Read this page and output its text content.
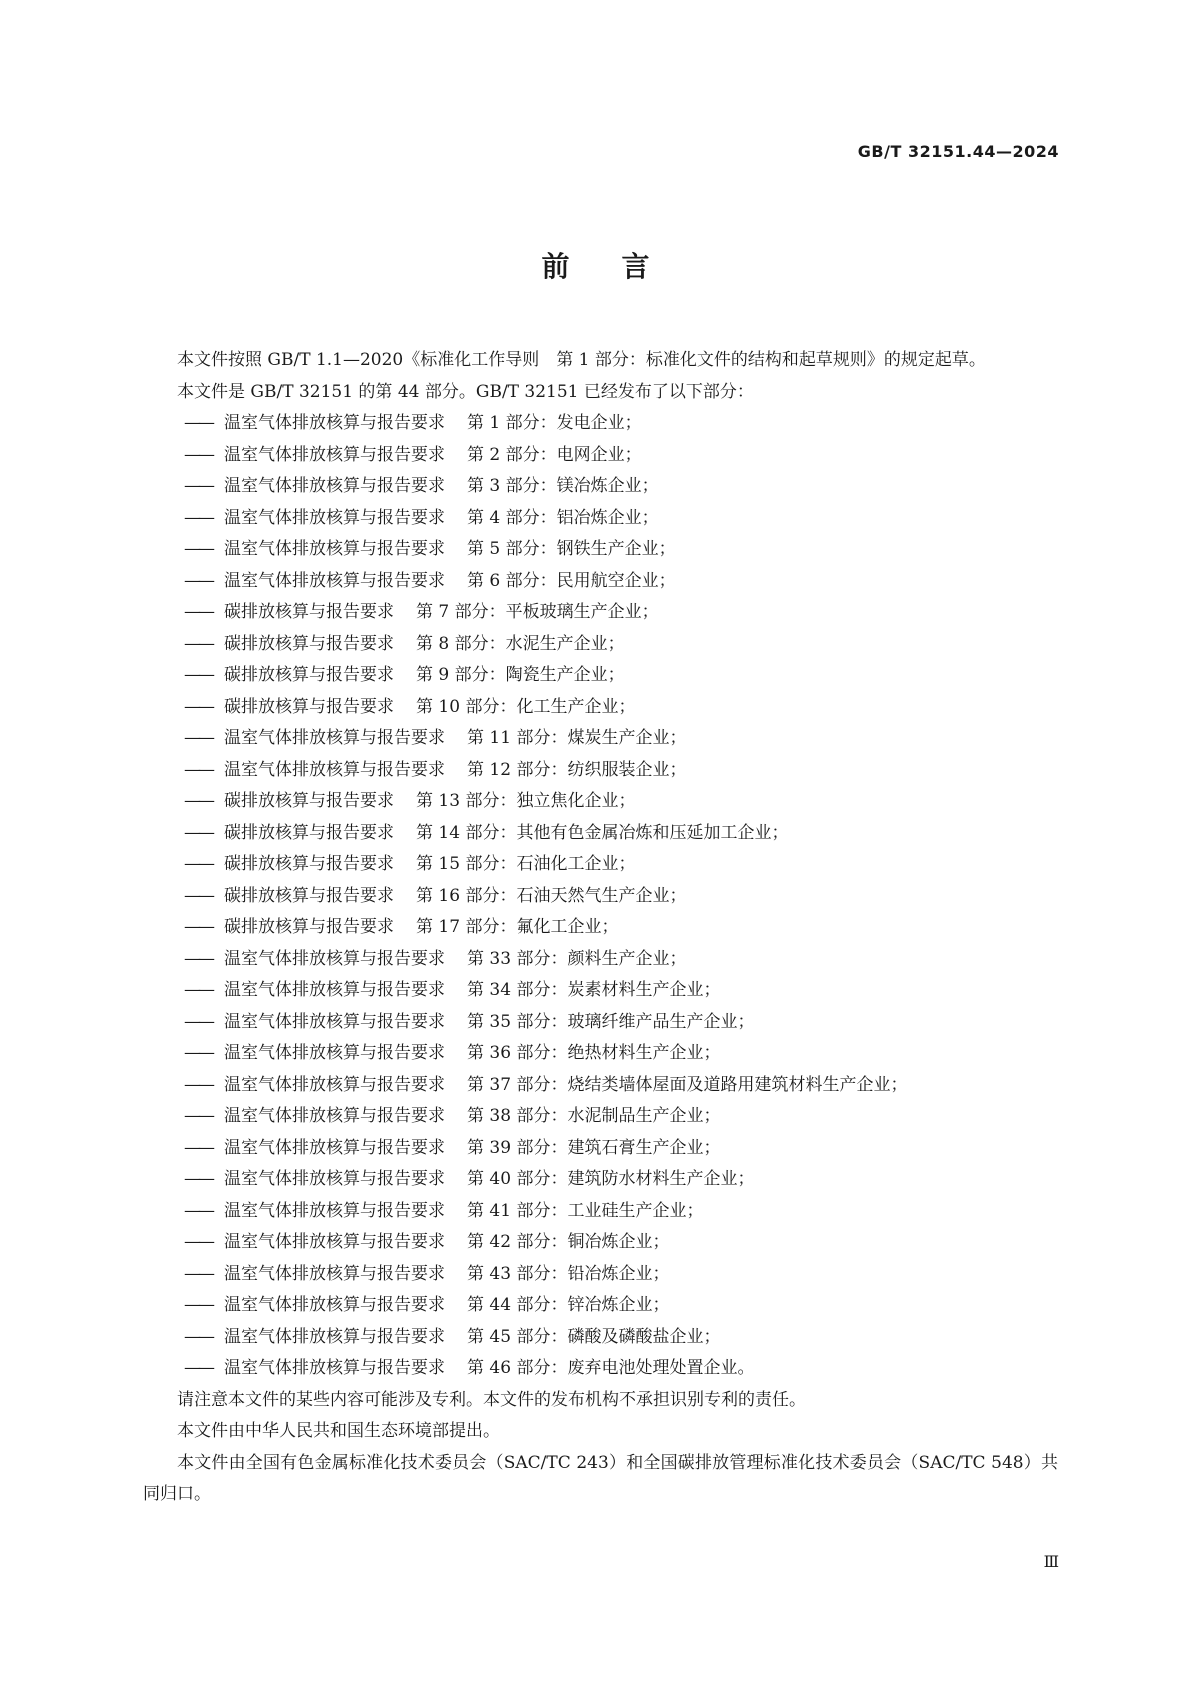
GB/T 32151.44—2024
前言

本文件按照 GB/T 1.1—2020《标准化工作导则　第 1 部分：标准化文件的结构和起草规则》的规定起草。

本文件是 GB/T 32151 的第 44 部分。GB/T 32151 已经发布了以下部分：

—— 温室气体排放核算与报告要求 第 1 部分：发电企业；
—— 温室气体排放核算与报告要求 第 2 部分：电网企业；
—— 温室气体排放核算与报告要求 第 3 部分：镁冶炼企业；
—— 温室气体排放核算与报告要求 第 4 部分：铝冶炼企业；
—— 温室气体排放核算与报告要求 第 5 部分：钢铁生产企业；
—— 温室气体排放核算与报告要求 第 6 部分：民用航空企业；
—— 碳排放核算与报告要求 第 7 部分：平板玻璃生产企业；
—— 碳排放核算与报告要求 第 8 部分：水泥生产企业；
—— 碳排放核算与报告要求 第 9 部分：陶瓷生产企业；
—— 碳排放核算与报告要求 第 10 部分：化工生产企业；
—— 温室气体排放核算与报告要求 第 11 部分：煤炭生产企业；
—— 温室气体排放核算与报告要求 第 12 部分：纺织服装企业；
—— 碳排放核算与报告要求 第 13 部分：独立焦化企业；
—— 碳排放核算与报告要求 第 14 部分：其他有色金属冶炼和压延加工企业；
—— 碳排放核算与报告要求 第 15 部分：石油化工企业；
—— 碳排放核算与报告要求 第 16 部分：石油天然气生产企业；
—— 碳排放核算与报告要求 第 17 部分：氟化工企业；
—— 温室气体排放核算与报告要求 第 33 部分：颜料生产企业；
—— 温室气体排放核算与报告要求 第 34 部分：炭素材料生产企业；
—— 温室气体排放核算与报告要求 第 35 部分：玻璃纤维产品生产企业；
—— 温室气体排放核算与报告要求 第 36 部分：绝热材料生产企业；
—— 温室气体排放核算与报告要求 第 37 部分：烧结类墙体屋面及道路用建筑材料生产企业；
—— 温室气体排放核算与报告要求 第 38 部分：水泥制品生产企业；
—— 温室气体排放核算与报告要求 第 39 部分：建筑石膏生产企业；
—— 温室气体排放核算与报告要求 第 40 部分：建筑防水材料生产企业；
—— 温室气体排放核算与报告要求 第 41 部分：工业硅生产企业；
—— 温室气体排放核算与报告要求 第 42 部分：铜冶炼企业；
—— 温室气体排放核算与报告要求 第 43 部分：铅冶炼企业；
—— 温室气体排放核算与报告要求 第 44 部分：锌冶炼企业；
—— 温室气体排放核算与报告要求 第 45 部分：磷酸及磷酸盐企业；
—— 温室气体排放核算与报告要求 第 46 部分：废弃电池处理处置企业。

请注意本文件的某些内容可能涉及专利。本文件的发布机构不承担识别专利的责任。

本文件由中华人民共和国生态环境部提出。

本文件由全国有色金属标准化技术委员会（SAC/TC 243）和全国碳排放管理标准化技术委员会（SAC/TC 548）共同归口。

Ⅲ
